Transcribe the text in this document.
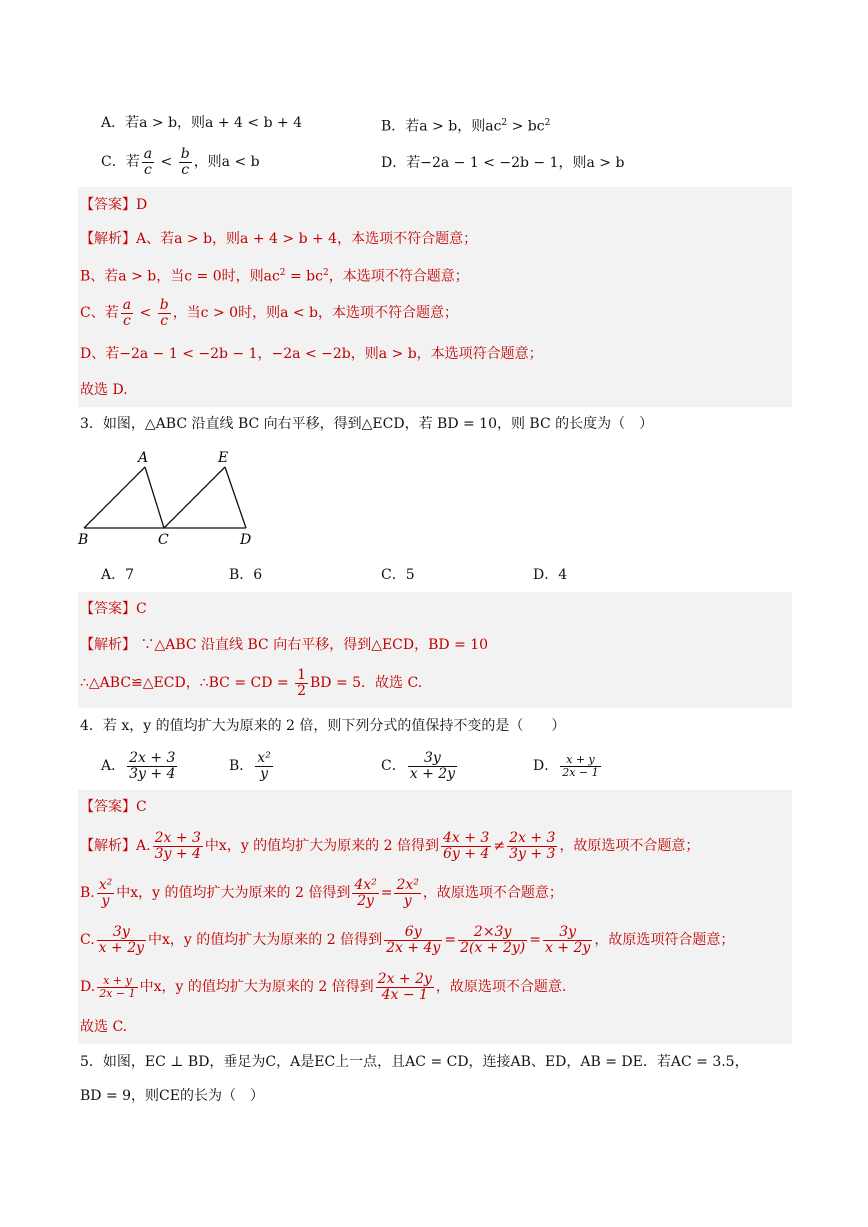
A．若a > b，则a + 4 < b + 4	B．若a > b，则$ac^2 > bc^2$
C．若 $\frac{a}{c} < \frac{b}{c}$ ，则a < b	D．若−2a − 1 < −2b − 1，则a > b
【答案】D
【解析】A、若a > b，则a + 4 > b + 4，本选项不符合题意；
B、若a > b，当c = 0时，则$ac^2 = bc^2$，本选项不符合题意；
C、若 $\frac{a}{c} < \frac{b}{c}$ ，当c > 0时，则a < b，本选项不符合题意；
D、若−2a − 1 < −2b − 1，−2a < −2b，则a > b，本选项符合题意；
故选 D.
3．如图，△ABC 沿直线 BC 向右平移，得到△ECD，若 BD = 10，则 BC 的长度为（　）
A	E
B	C	D
A．7	B．6	C．5	D．4
【答案】C
【解析】 ∵△ABC 沿直线 BC 向右平移，得到△ECD，BD = 10
∴△ABC≌△ECD，∴BC = CD = $\frac{1}{2}$ BD = 5．故选 C.
4．若 x，y 的值均扩大为原来的 2 倍，则下列分式的值保持不变的是（　　）
A． $\frac{2x + 3}{3y + 4}$	B． $\frac{\text{x²}}{y}$	C． $\frac{3y}{x + 2y}$	D． $\frac{x + y}{2x - 1}$
【答案】C
【解析】A. $\frac{2x + 3}{3y + 4}$ 中x，y 的值均扩大为原来的 2 倍得到 $\frac{4x + 3}{6y + 4} \ne \frac{2x + 3}{3y + 3}$ ，故原选项不合题意；
B. $\frac{\text{x²}}{y}$ 中x，y 的值均扩大为原来的 2 倍得到 $\frac{\text{4x²}}{2y} = \frac{\text{2x²}}{y}$ ，故原选项不合题意；
C. $\frac{3y}{x + 2y}$ 中x，y 的值均扩大为原来的 2 倍得到 $\frac{6y}{2x + 4y} = \frac{2\times 3y}{2(x + 2y)} = \frac{3y}{x + 2y}$ ，故原选项符合题意；
D. $\frac{x + y}{2x - 1}$ 中x，y 的值均扩大为原来的 2 倍得到 $\frac{2x + 2y}{4x - 1}$ ，故原选项不合题意.
故选 C.
5．如图，EC ⊥ BD，垂足为C，A是EC上一点，且AC = CD，连接AB、ED，AB = DE．若AC = 3.5，
BD = 9，则CE的长为（　）
